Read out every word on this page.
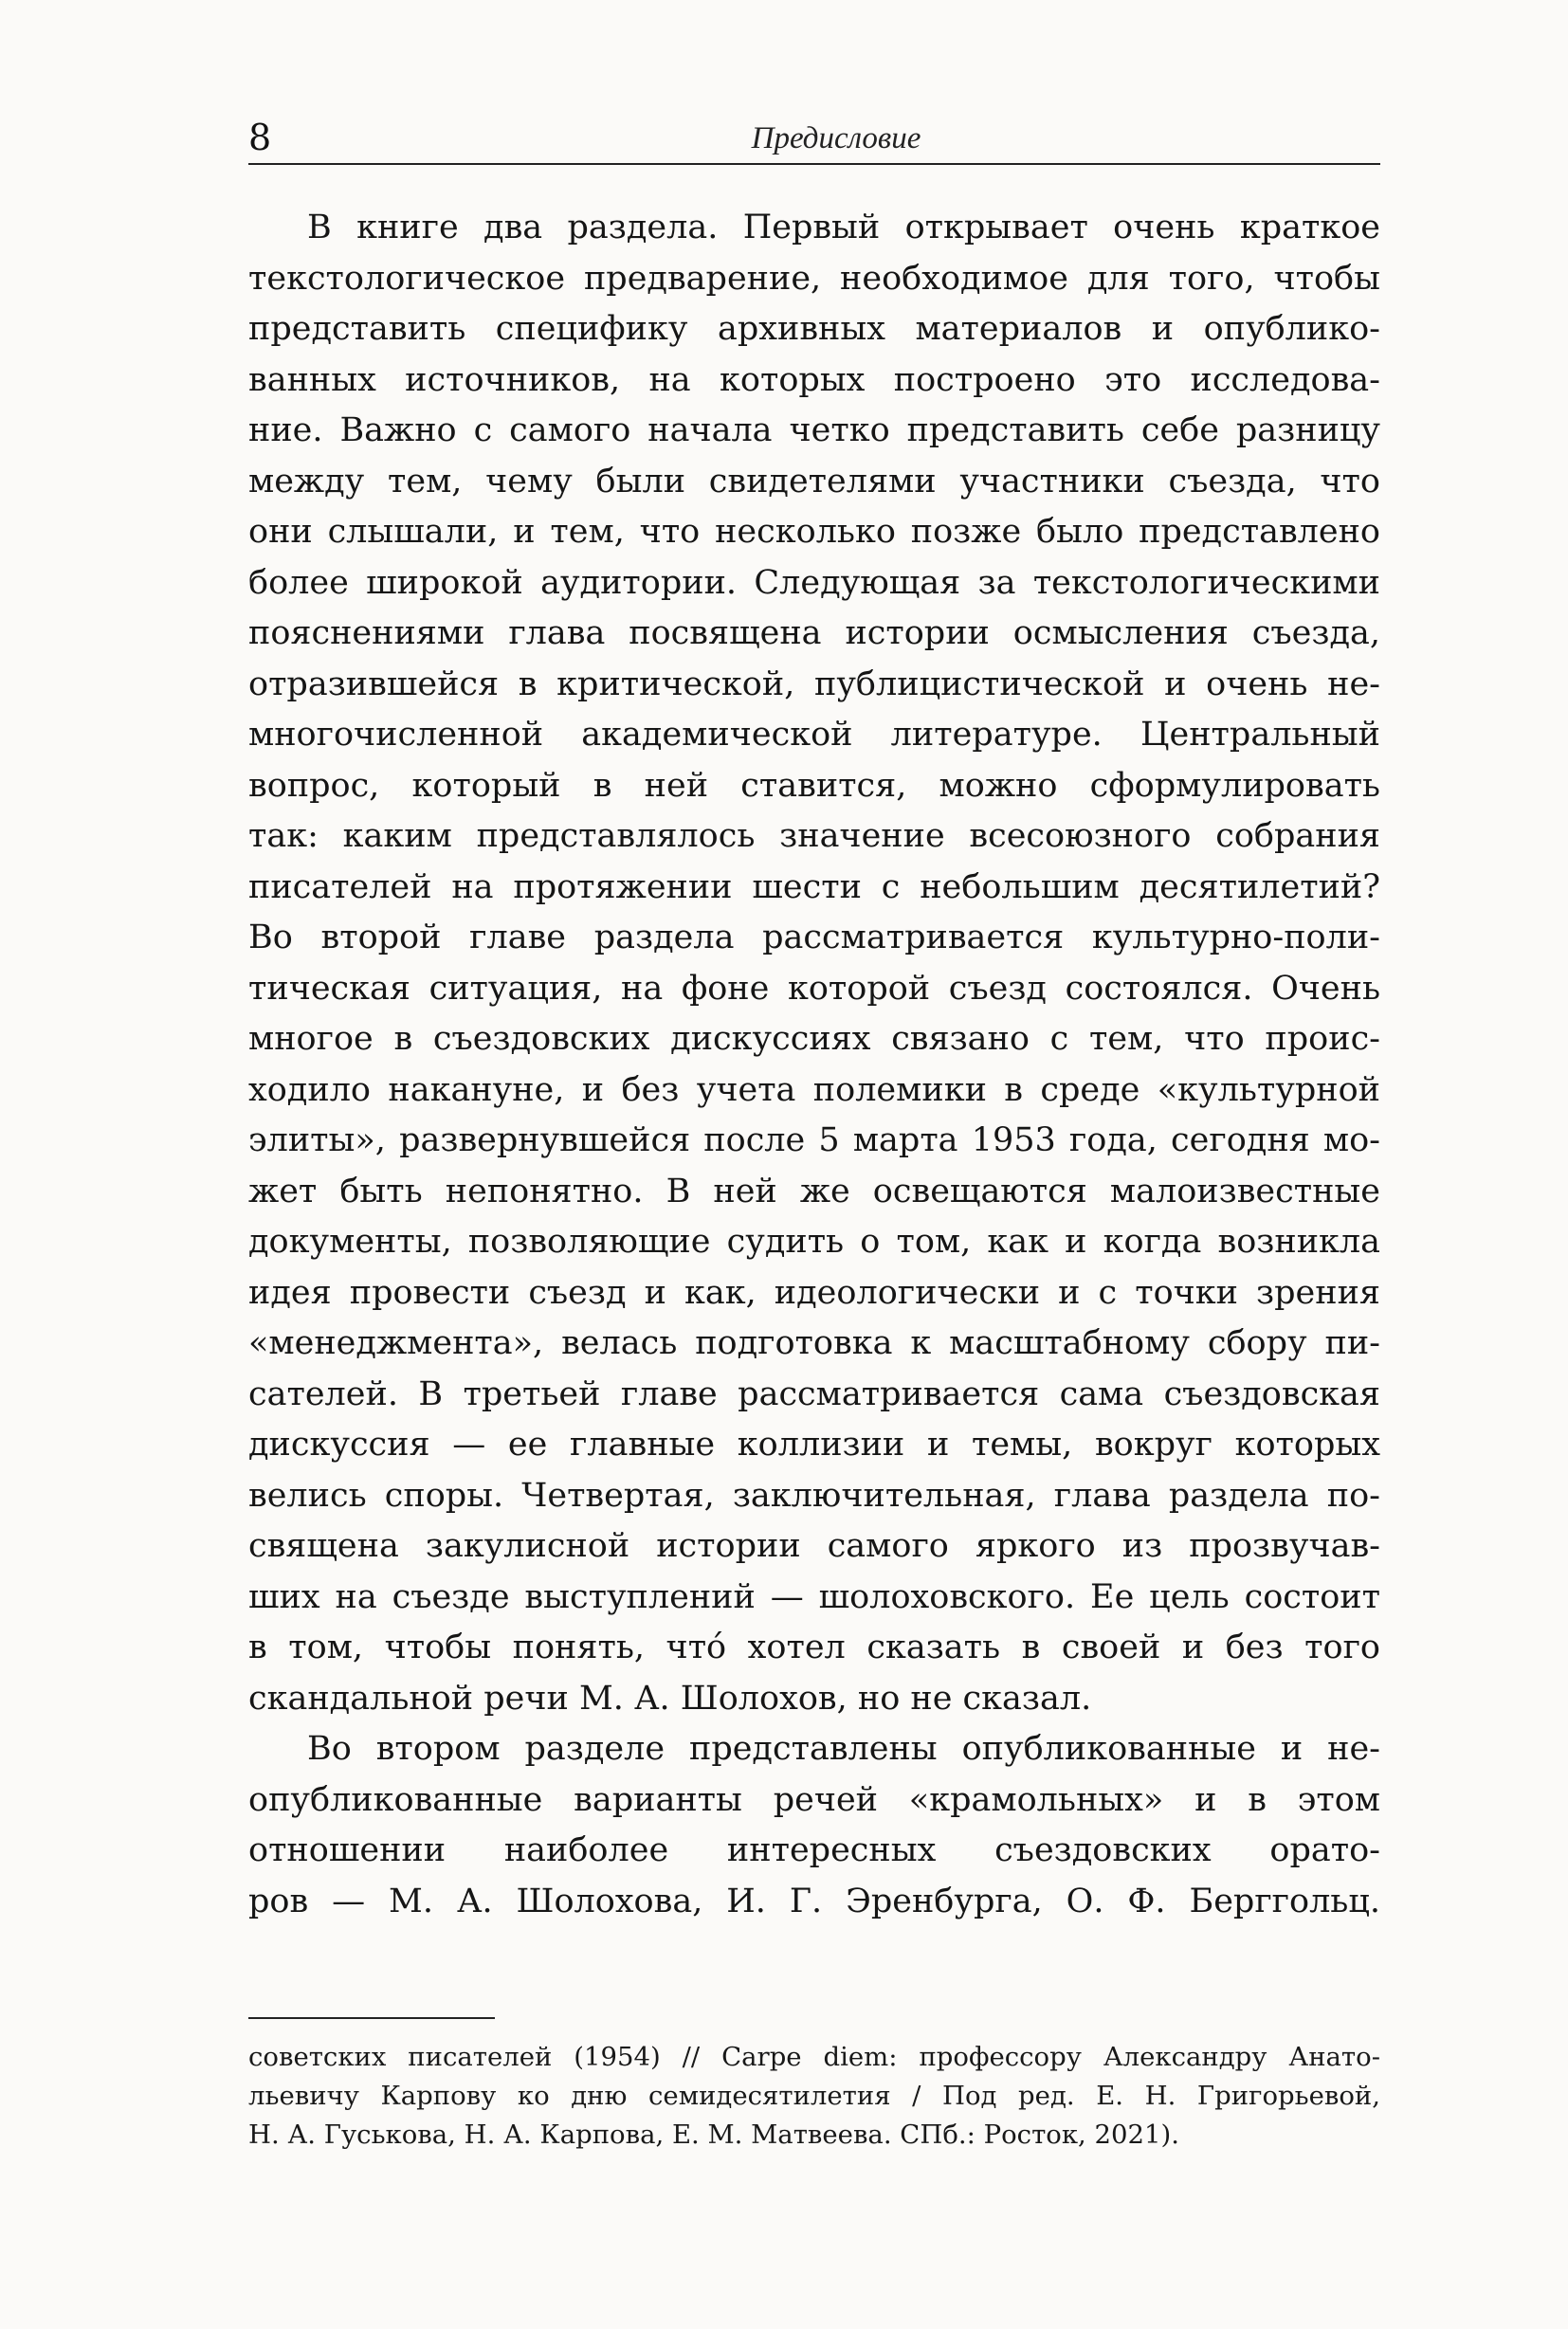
8	Предисловие
В книге два раздела. Первый открывает очень краткое
текстологическое предварение, необходимое для того, чтобы
представить специфику архивных материалов и опублико-
ванных источников, на которых построено это исследова-
ние. Важно с самого начала четко представить себе разницу
между тем, чему были свидетелями участники съезда, что
они слышали, и тем, что несколько позже было представлено
более широкой аудитории. Следующая за текстологическими
пояснениями глава посвящена истории осмысления съезда,
отразившейся в критической, публицистической и очень не-
многочисленной академической литературе. Центральный
вопрос, который в ней ставится, можно сформулировать
так: каким представлялось значение всесоюзного собрания
писателей на протяжении шести с небольшим десятилетий?
Во второй главе раздела рассматривается культурно-поли-
тическая ситуация, на фоне которой съезд состоялся. Очень
многое в съездовских дискуссиях связано с тем, что проис-
ходило накануне, и без учета полемики в среде «культурной
элиты», развернувшейся после 5 марта 1953 года, сегодня мо-
жет быть непонятно. В ней же освещаются малоизвестные
документы, позволяющие судить о том, как и когда возникла
идея провести съезд и как, идеологически и с точки зрения
«менеджмента», велась подготовка к масштабному сбору пи-
сателей. В третьей главе рассматривается сама съездовская
дискуссия — ее главные коллизии и темы, вокруг которых
велись споры. Четвертая, заключительная, глава раздела по-
священа закулисной истории самого яркого из прозвучав-
ших на съезде выступлений — шолоховского. Ее цель состоит
в том, чтобы понять, что́ хотел сказать в своей и без того
скандальной речи М. А. Шолохов, но не сказал.
Во втором разделе представлены опубликованные и не-
опубликованные варианты речей «крамольных» и в этом
отношении наиболее интересных съездовских орато-
ров — М. А. Шолохова, И. Г. Эренбурга, О. Ф. Берггольц.
советских писателей (1954) // Carpe diem: профессору Александру Анато-
льевичу Карпову ко дню семидесятилетия / Под ред. Е. Н. Григорьевой,
Н. А. Гуськова, Н. А. Карпова, Е. М. Матвеева. СПб.: Росток, 2021).
